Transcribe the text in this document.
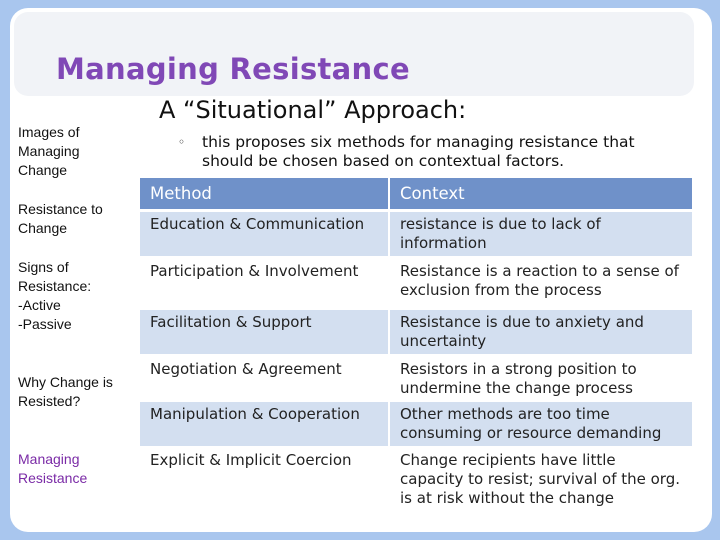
Managing Resistance
Images of
Managing
Change
Resistance to
Change
Signs of
Resistance:
-Active
-Passive
Why Change is
Resisted?
Managing
Resistance
A “Situational” Approach:
◦	this proposes six methods for managing resistance that should be chosen based on contextual factors.
Method	Context
Education & Communication	resistance is due to lack of information
Participation & Involvement	Resistance is a reaction to a sense of exclusion from the process
Facilitation & Support	Resistance is due to anxiety and uncertainty
Negotiation & Agreement	Resistors in a strong position to undermine the change process
Manipulation & Cooperation	Other methods are too time consuming or resource demanding
Explicit & Implicit Coercion	Change recipients have little capacity to resist; survival of the org. is at risk without the change
6-8
